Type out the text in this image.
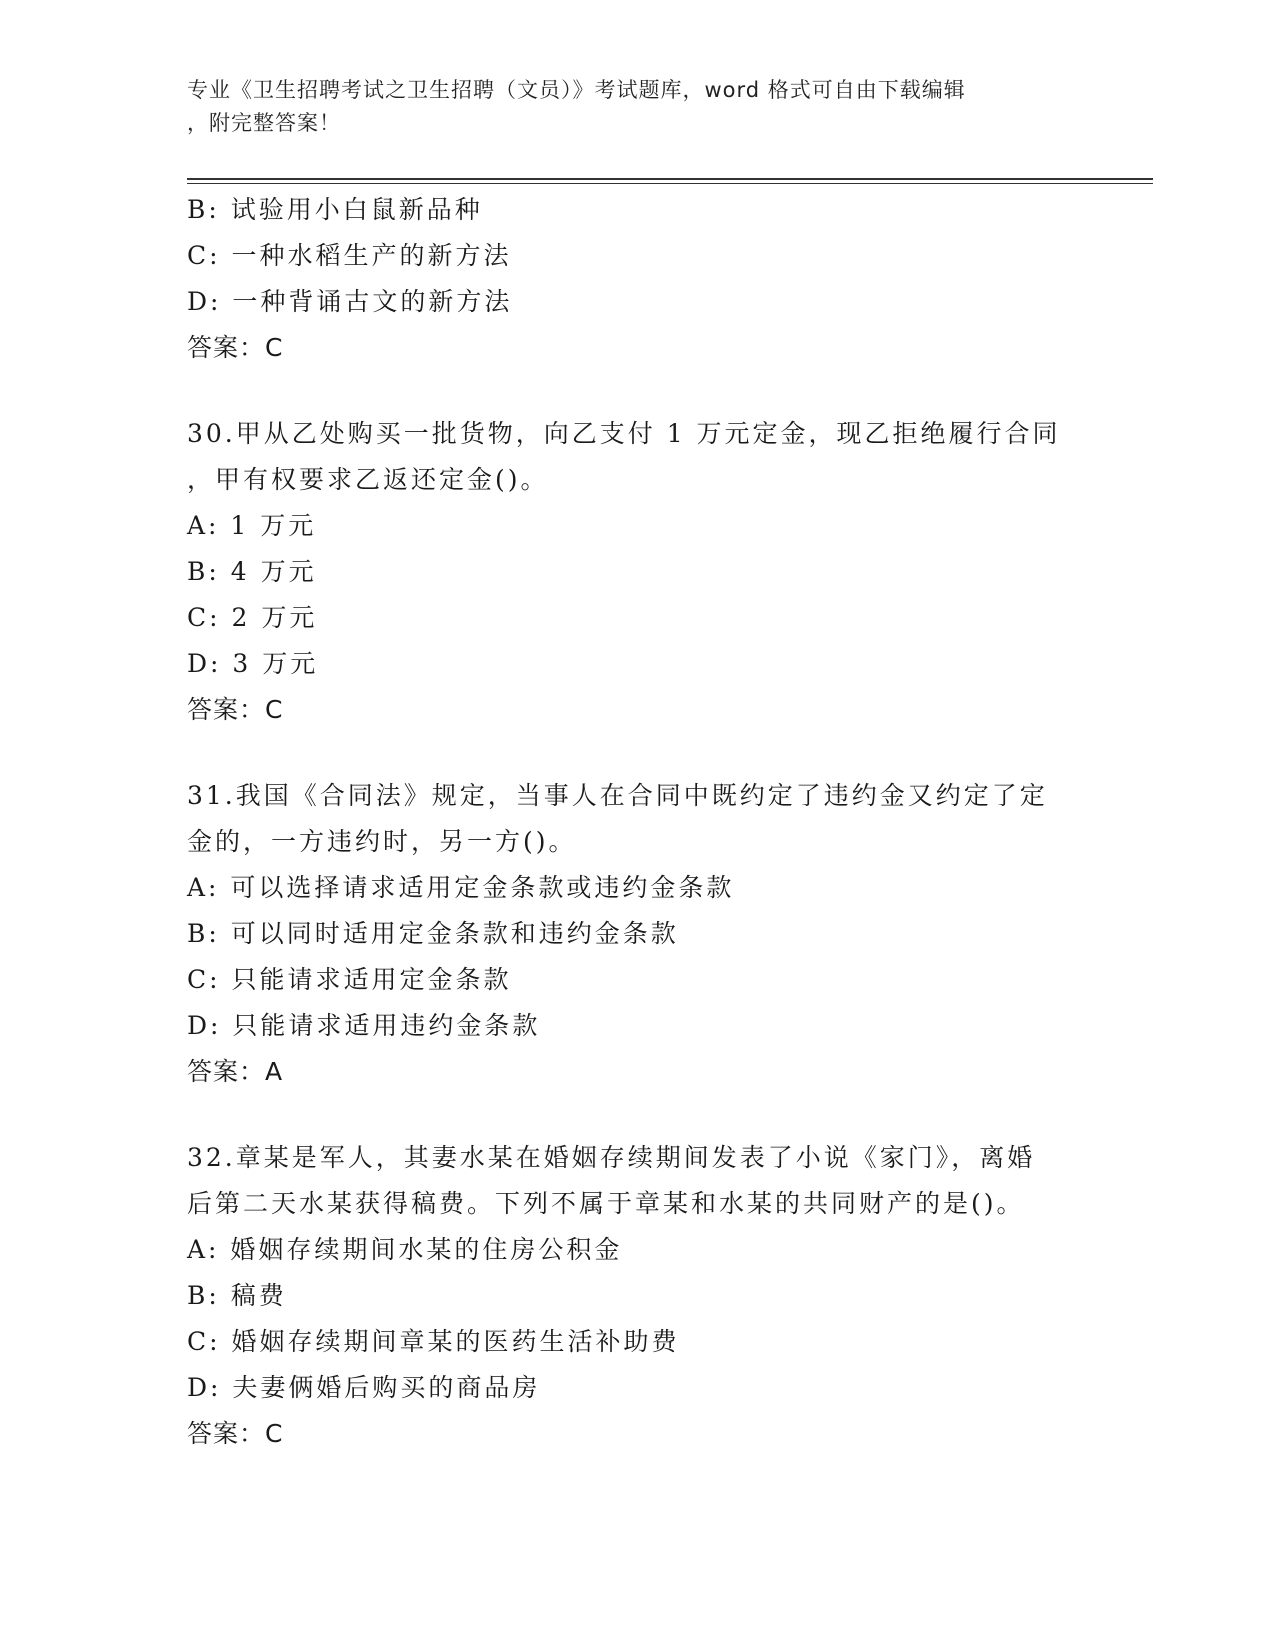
专业《卫生招聘考试之卫生招聘（文员）》考试题库，word 格式可自由下载编辑
，附完整答案！
B: 试验用小白鼠新品种
C: 一种水稻生产的新方法
D: 一种背诵古文的新方法
答案：C
30.甲从乙处购买一批货物，向乙支付 1 万元定金，现乙拒绝履行合同
，甲有权要求乙返还定金()。
A: 1 万元
B: 4 万元
C: 2 万元
D: 3 万元
答案：C
31.我国《合同法》规定，当事人在合同中既约定了违约金又约定了定
金的，一方违约时，另一方()。
A: 可以选择请求适用定金条款或违约金条款
B: 可以同时适用定金条款和违约金条款
C: 只能请求适用定金条款
D: 只能请求适用违约金条款
答案：A
32.章某是军人，其妻水某在婚姻存续期间发表了小说《家门》，离婚
后第二天水某获得稿费。下列不属于章某和水某的共同财产的是()。
A: 婚姻存续期间水某的住房公积金
B: 稿费
C: 婚姻存续期间章某的医药生活补助费
D: 夫妻俩婚后购买的商品房
答案：C
